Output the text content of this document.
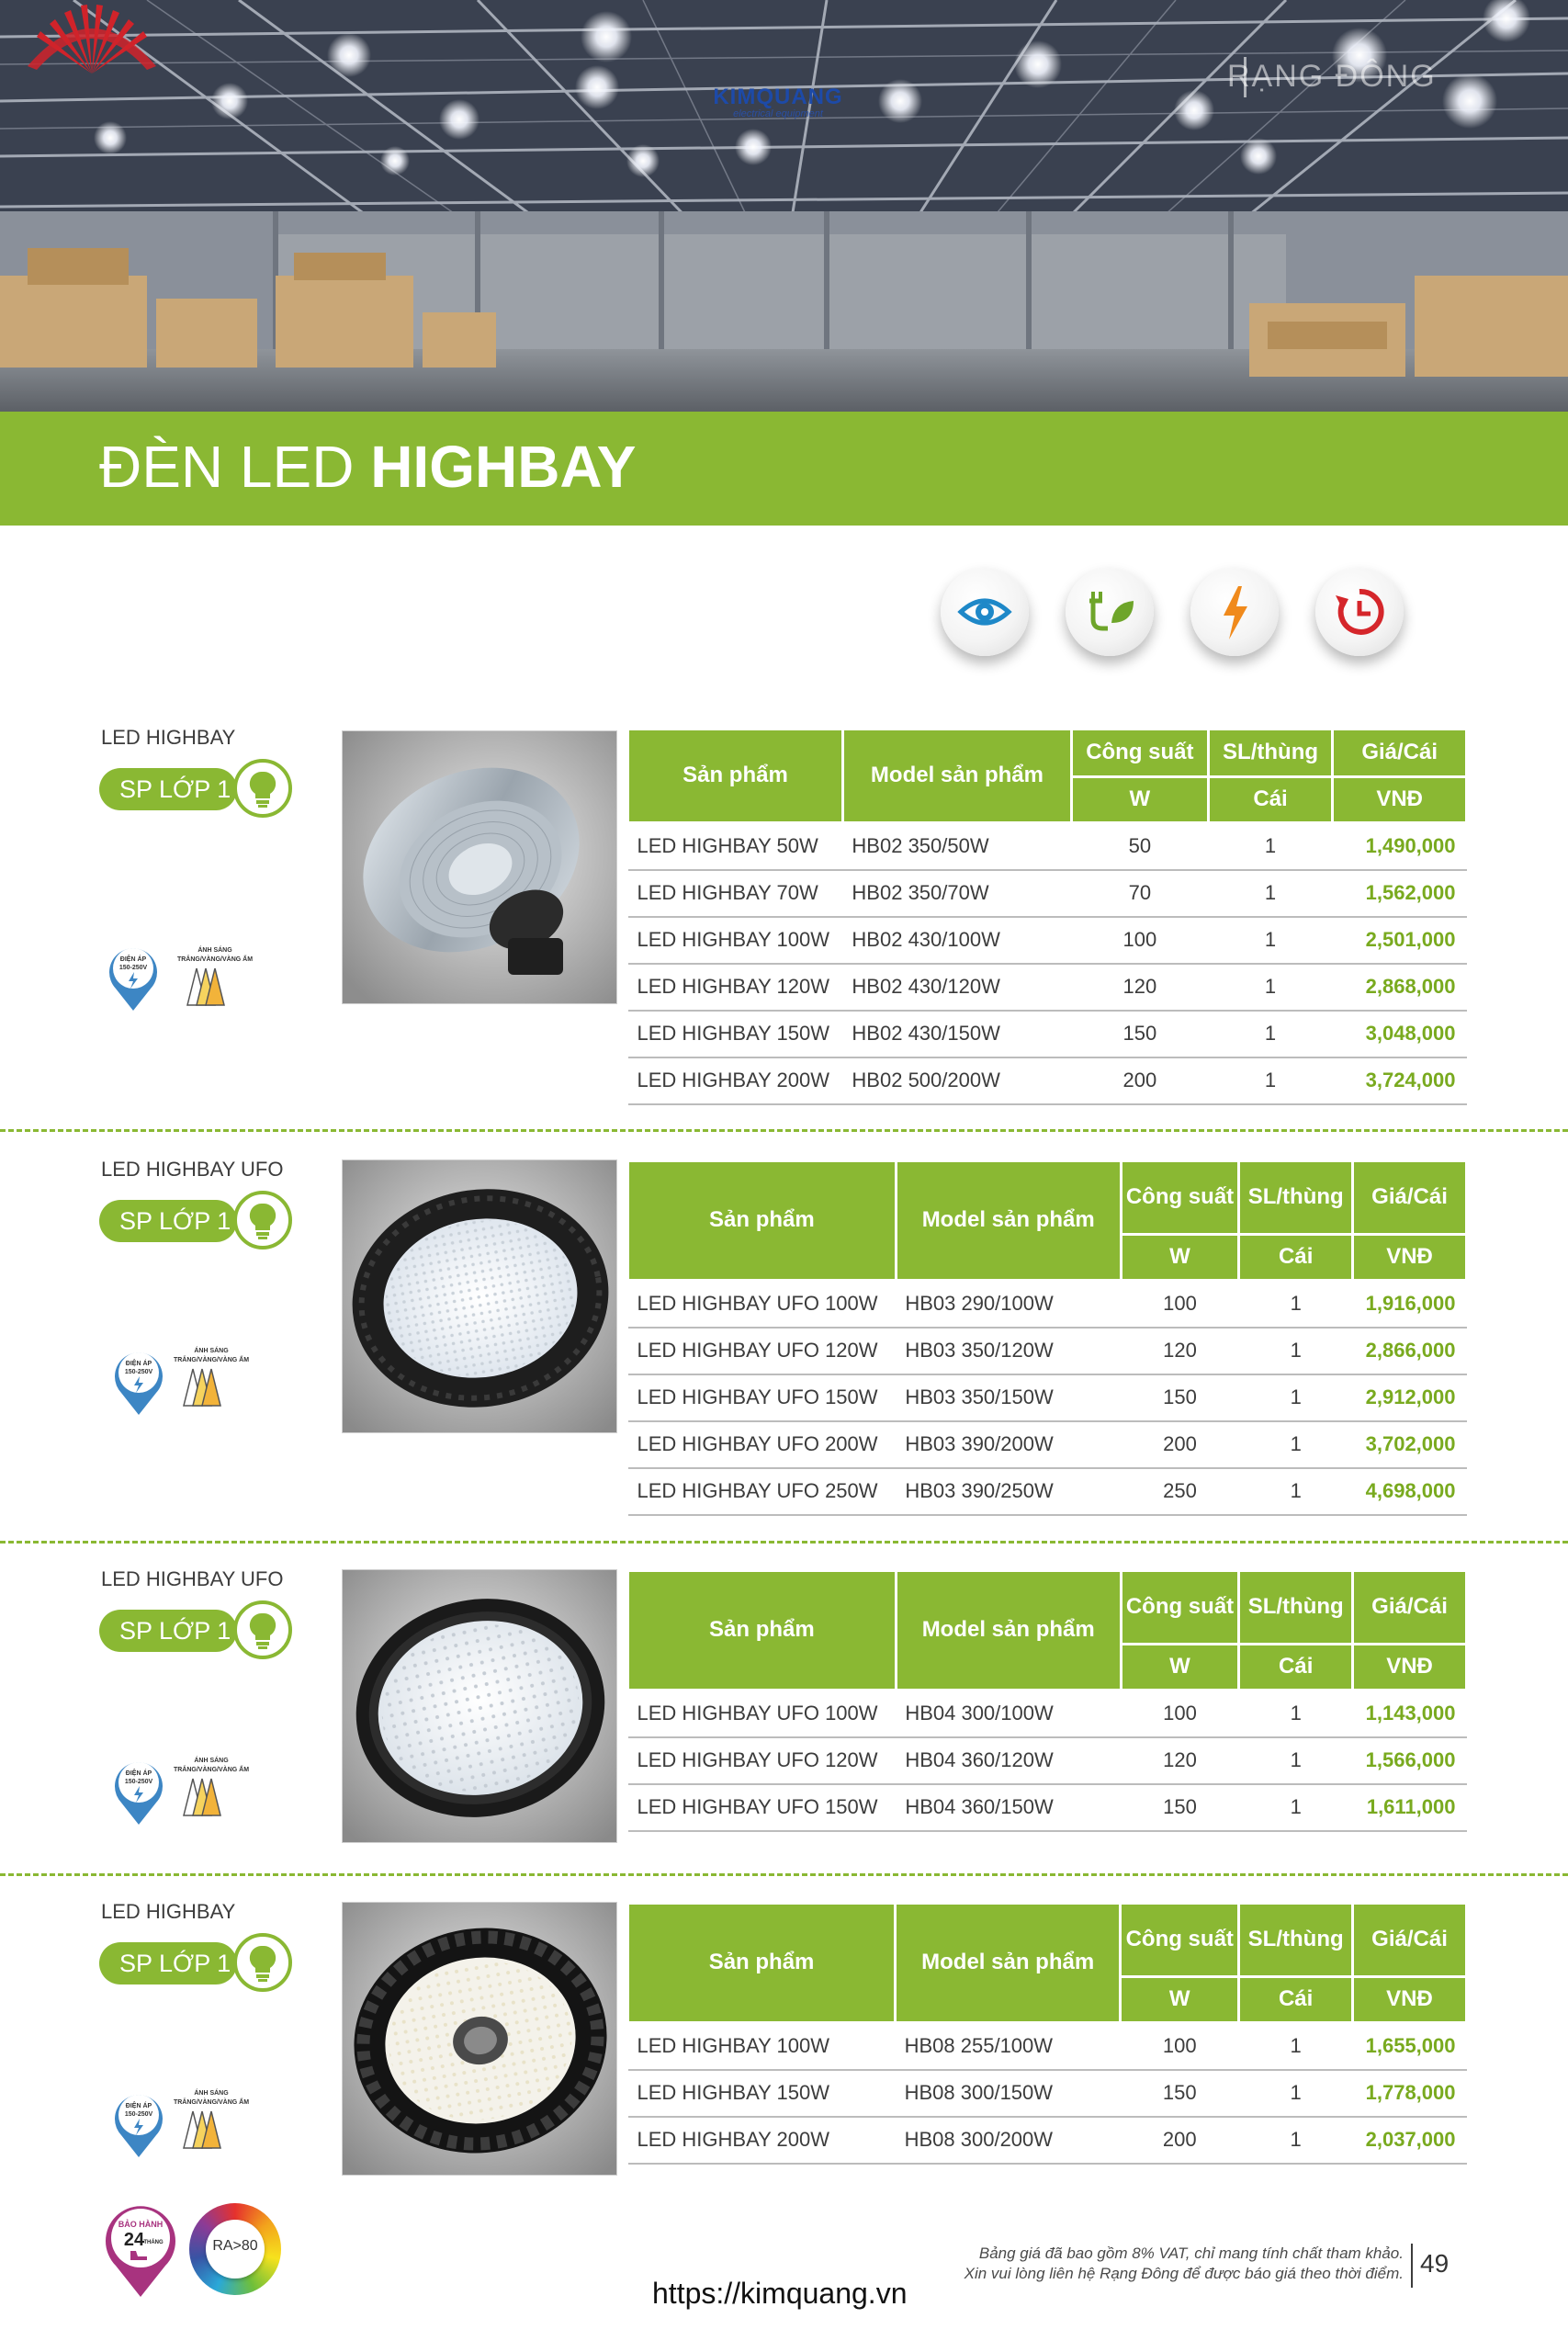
KIMQUANG
electrical equipment
RẠNG ĐÔNG
ĐÈN LED HIGHBAY
LED HIGHBAY
SP LỚP 1
ĐIỆN ÁP
150-250V
ÁNH SÁNG
TRẮNG/VÀNG/VÀNG ẤM
Sản phẩm	Model sản phẩm	Công suất	SL/thùng	Giá/Cái
		W	Cái	VNĐ
LED HIGHBAY 50W	HB02 350/50W	50	1	1,490,000
LED HIGHBAY 70W	HB02 350/70W	70	1	1,562,000
LED HIGHBAY 100W	HB02 430/100W	100	1	2,501,000
LED HIGHBAY 120W	HB02 430/120W	120	1	2,868,000
LED HIGHBAY 150W	HB02 430/150W	150	1	3,048,000
LED HIGHBAY 200W	HB02 500/200W	200	1	3,724,000
LED HIGHBAY UFO
SP LỚP 1
ĐIỆN ÁP
150-250V
ÁNH SÁNG
TRẮNG/VÀNG/VÀNG ẤM
Sản phẩm	Model sản phẩm	Công suất	SL/thùng	Giá/Cái
		W	Cái	VNĐ
LED HIGHBAY UFO 100W	HB03 290/100W	100	1	1,916,000
LED HIGHBAY UFO 120W	HB03 350/120W	120	1	2,866,000
LED HIGHBAY UFO 150W	HB03 350/150W	150	1	2,912,000
LED HIGHBAY UFO 200W	HB03 390/200W	200	1	3,702,000
LED HIGHBAY UFO 250W	HB03 390/250W	250	1	4,698,000
LED HIGHBAY UFO
SP LỚP 1
ĐIỆN ÁP
150-250V
ÁNH SÁNG
TRẮNG/VÀNG/VÀNG ẤM
Sản phẩm	Model sản phẩm	Công suất	SL/thùng	Giá/Cái
		W	Cái	VNĐ
LED HIGHBAY UFO 100W	HB04 300/100W	100	1	1,143,000
LED HIGHBAY UFO 120W	HB04 360/120W	120	1	1,566,000
LED HIGHBAY UFO 150W	HB04 360/150W	150	1	1,611,000
LED HIGHBAY
SP LỚP 1
ĐIỆN ÁP
150-250V
ÁNH SÁNG
TRẮNG/VÀNG/VÀNG ẤM
Sản phẩm	Model sản phẩm	Công suất	SL/thùng	Giá/Cái
		W	Cái	VNĐ
LED HIGHBAY 100W	HB08 255/100W	100	1	1,655,000
LED HIGHBAY 150W	HB08 300/150W	150	1	1,778,000
LED HIGHBAY 200W	HB08 300/200W	200	1	2,037,000
BẢO HÀNH
24 THÁNG	RA>80	Bảng giá đã bao gồm 8% VAT, chỉ mang tính chất tham khảo.
Xin vui lòng liên hệ Rạng Đông để được báo giá theo thời điểm. 49
https://kimquang.vn
